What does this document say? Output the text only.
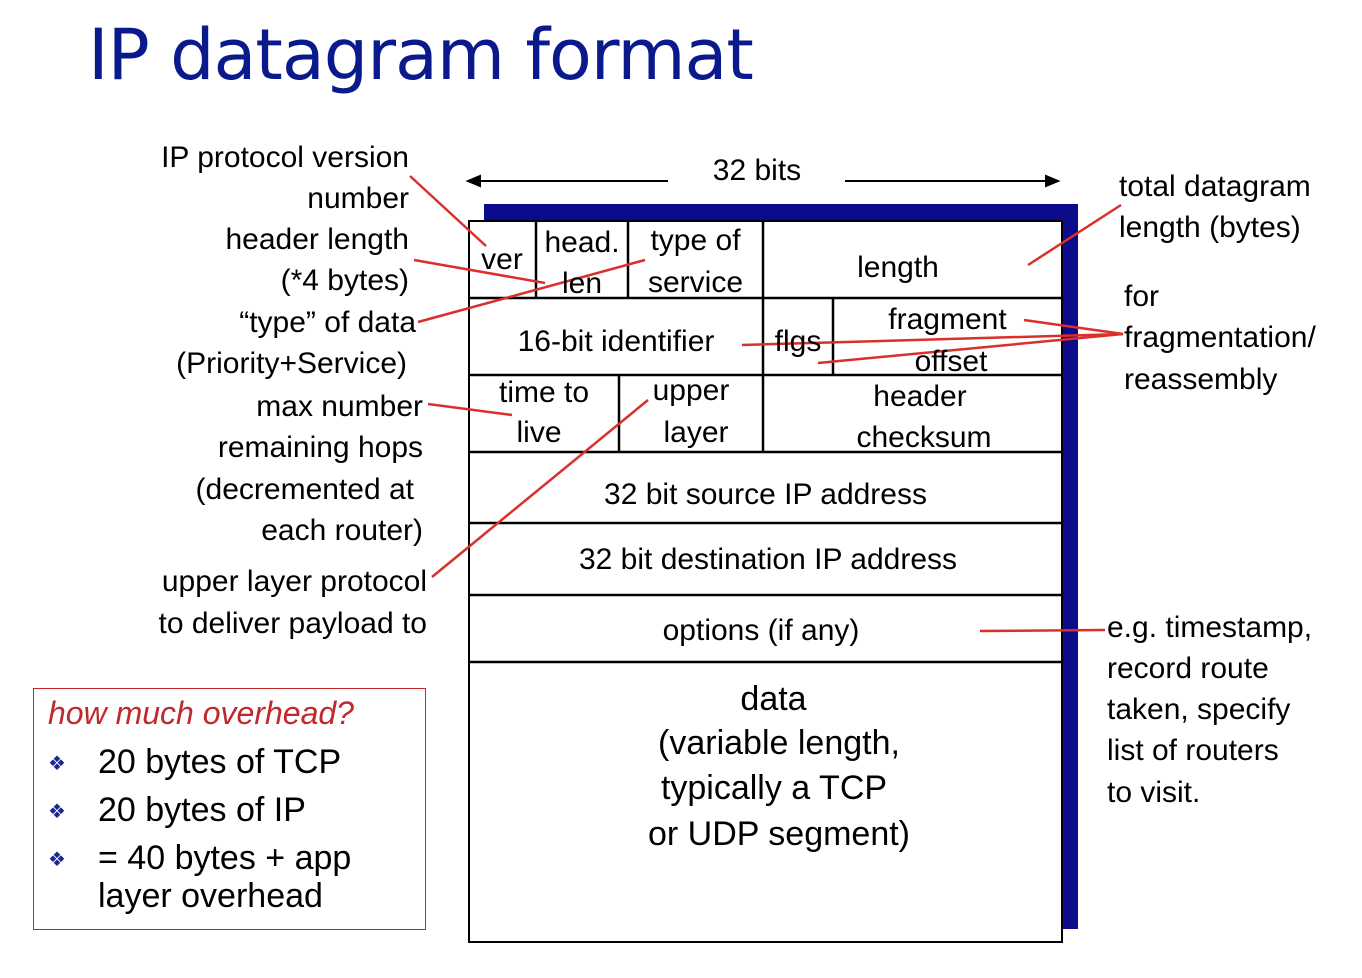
IP datagram format
32 bits
ver
head.
len
type of
service	length
16-bit identifier	flgs
fragment
offset
time to
live
upper
layer
header
checksum
32 bit source IP address
32 bit destination IP address
options (if any)
data
(variable length,
typically a TCP
or UDP segment)
IP protocol version
number
header length
(*4 bytes)
“type” of data
(Priority+Service)
max number
remaining hops
(decremented at
each router)
upper layer protocol
to deliver payload to
total datagram
length (bytes)
for
fragmentation/
reassembly
e.g. timestamp,
record route
taken, specify
list of routers
to visit.
how much overhead?
❖ 20 bytes of TCP
❖ 20 bytes of IP
❖ = 40 bytes + app
layer overhead
